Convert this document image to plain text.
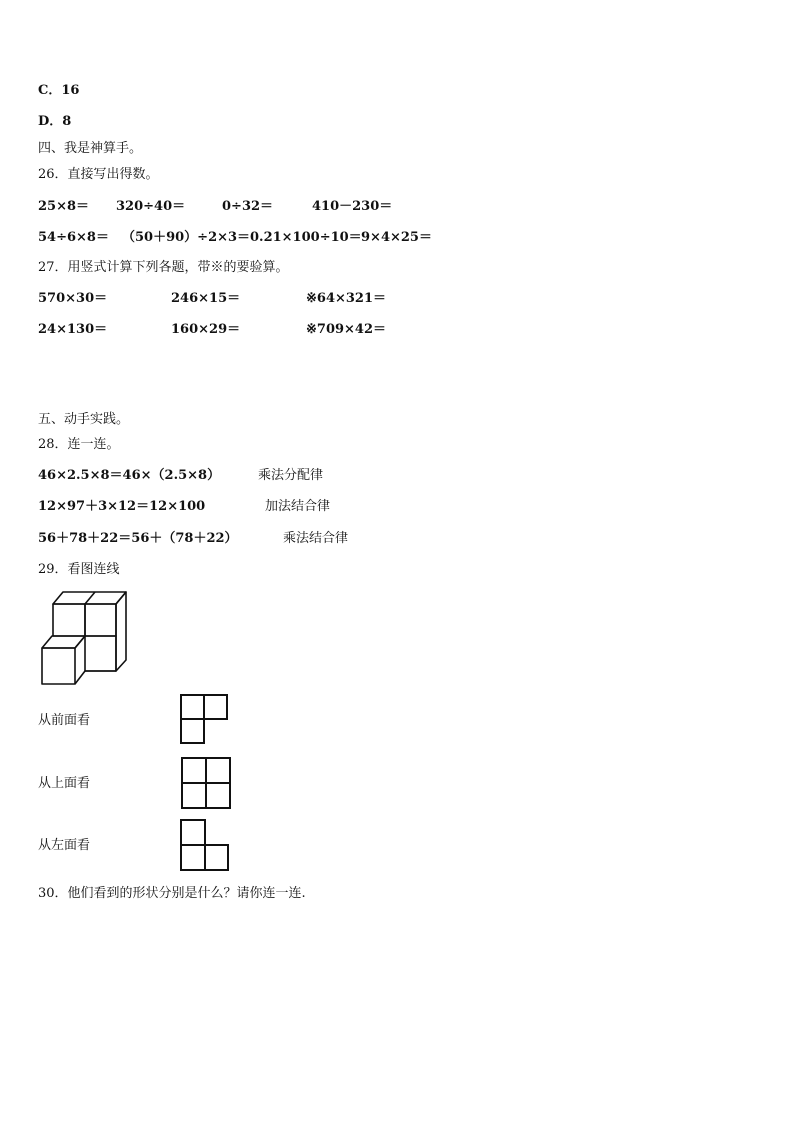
C．16
D．8
四、我是神算手。
26．直接写出得数。
25×8＝ 320÷40＝	0÷32＝	410－230＝
54÷6×8＝ （50＋90）÷2×3＝ 0.21×100÷10＝ 9×4×25＝
27．用竖式计算下列各题，带※的要验算。
570×30＝	246×15＝	※64×321＝
24×130＝	160×29＝	※709×42＝
五、动手实践。
28．连一连。
46×2.5×8＝46×（2.5×8）	乘法分配律
12×97＋3×12＝12×100	加法结合律
56＋78＋22＝56＋（78＋22）	乘法结合律
29．看图连线
从前面看
从上面看
从左面看
30．他们看到的形状分别是什么？请你连一连.
